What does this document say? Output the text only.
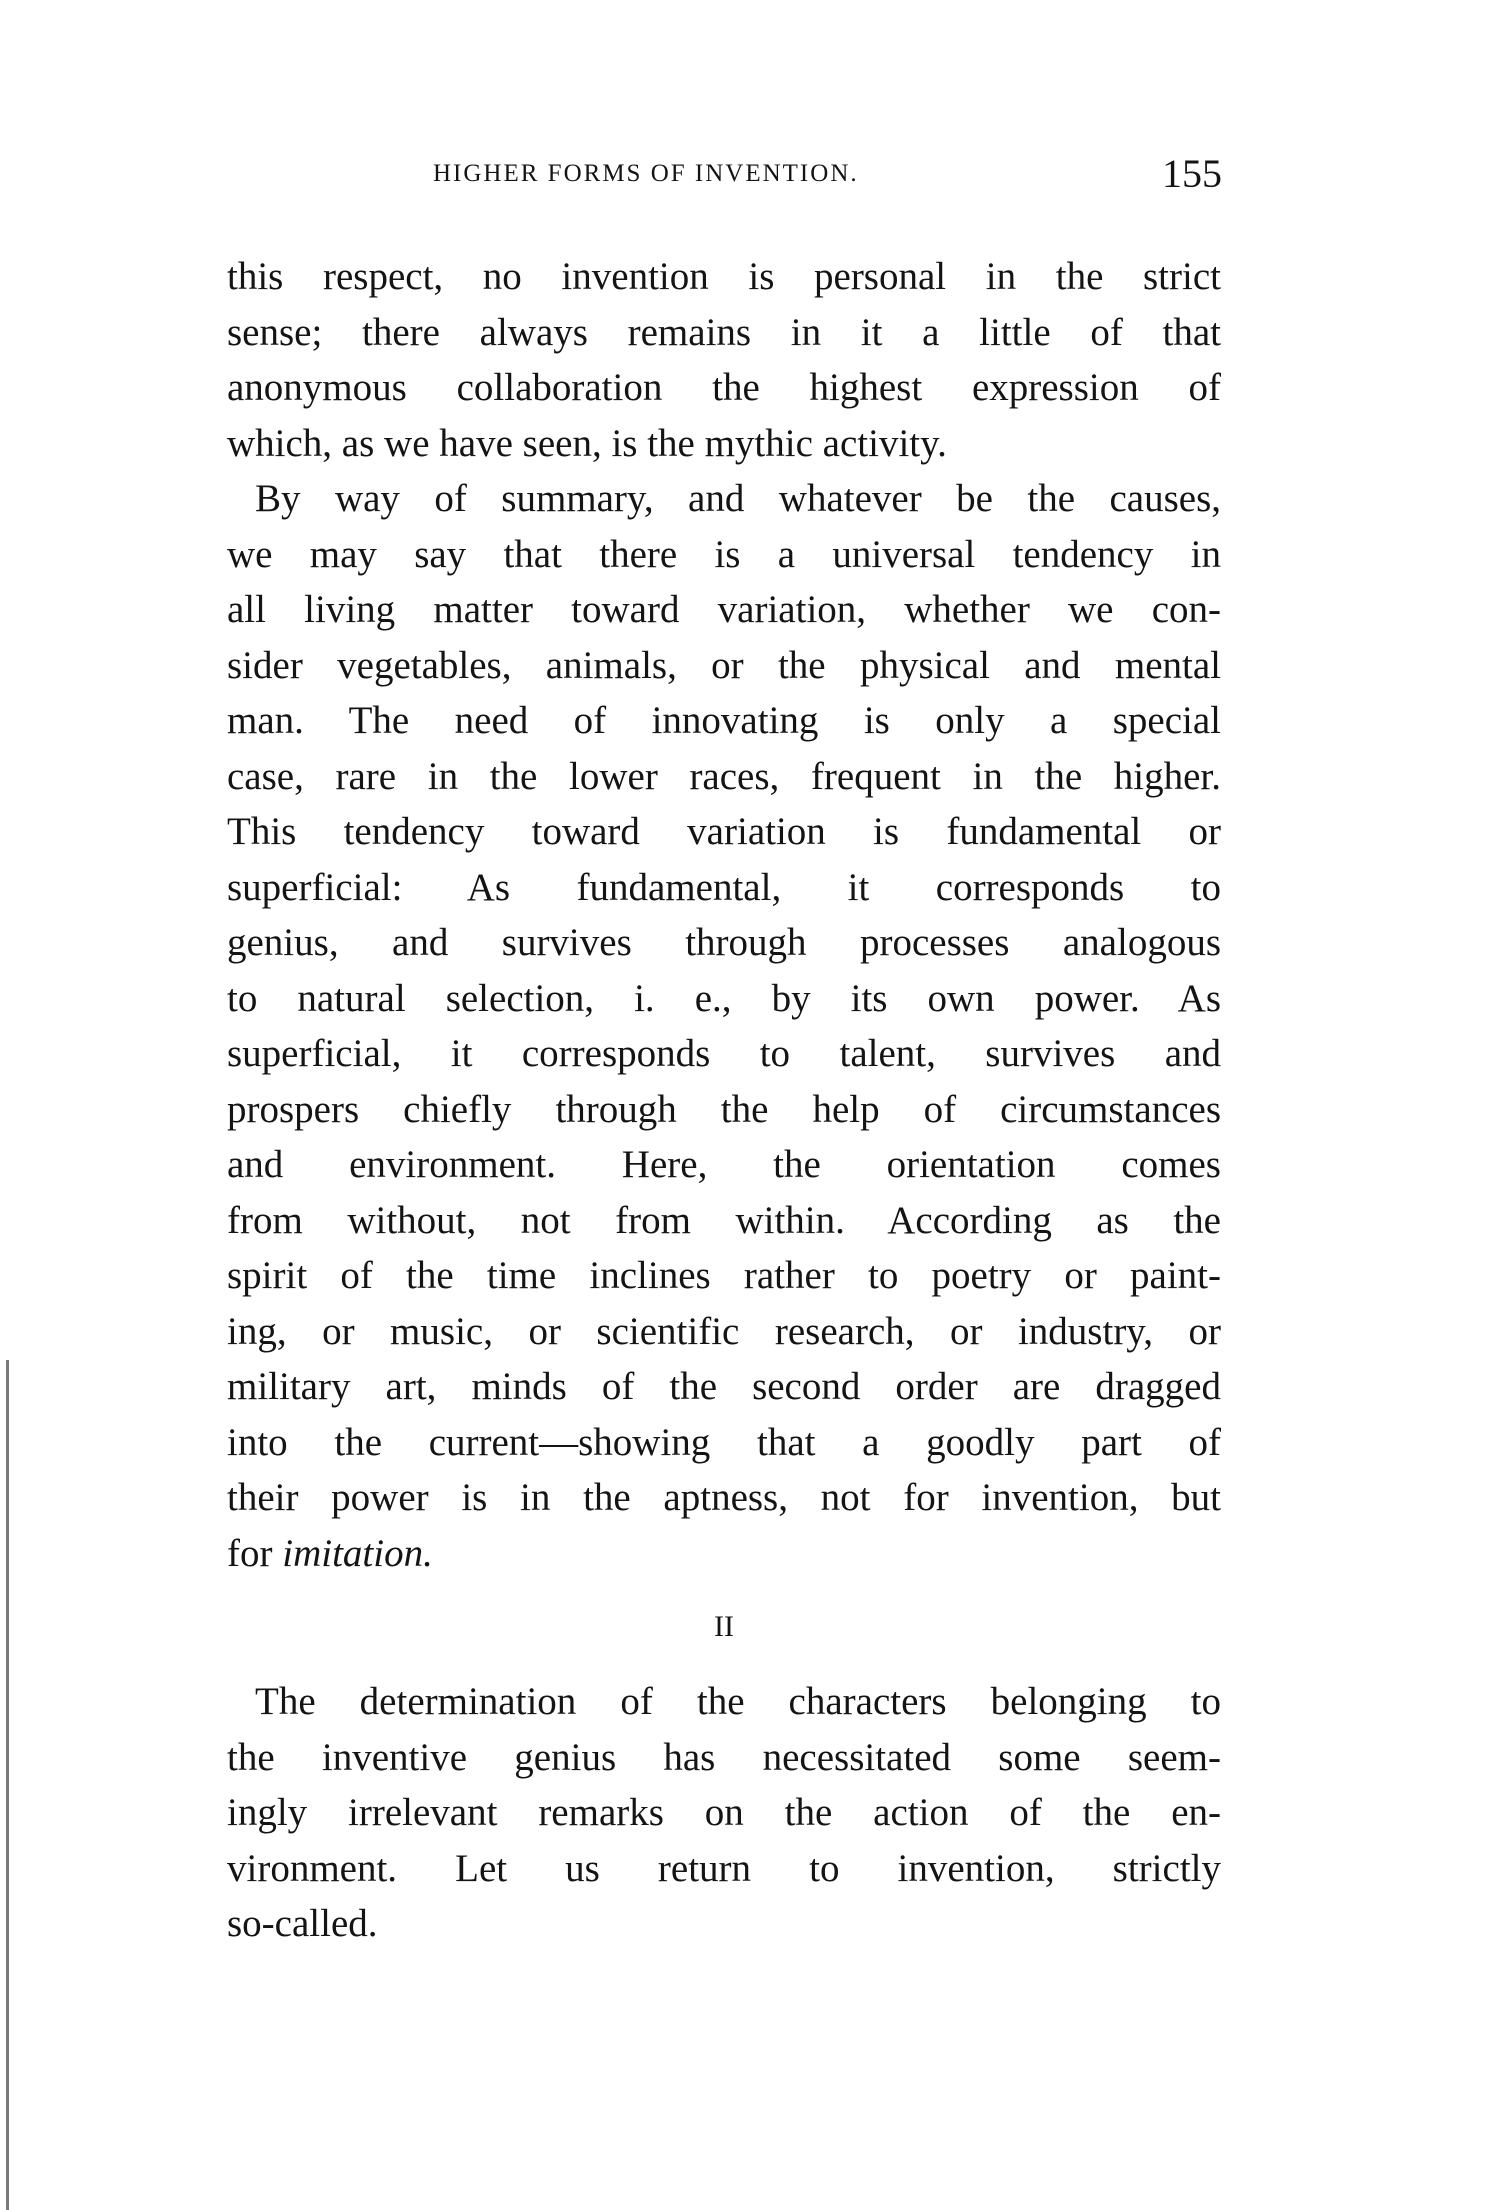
HIGHER FORMS OF INVENTION.	155
this respect, no invention is personal in the strict
sense; there always remains in it a little of that
anonymous collaboration the highest expression of
which, as we have seen, is the mythic activity.
By way of summary, and whatever be the causes,
we may say that there is a universal tendency in
all living matter toward variation, whether we con-
sider vegetables, animals, or the physical and mental
man. The need of innovating is only a special
case, rare in the lower races, frequent in the higher.
This tendency toward variation is fundamental or
superficial: As fundamental, it corresponds to
genius, and survives through processes analogous
to natural selection, i. e., by its own power. As
superficial, it corresponds to talent, survives and
prospers chiefly through the help of circumstances
and environment. Here, the orientation comes
from without, not from within. According as the
spirit of the time inclines rather to poetry or paint-
ing, or music, or scientific research, or industry, or
military art, minds of the second order are dragged
into the current—showing that a goodly part of
their power is in the aptness, not for invention, but
for imitation.
II
The determination of the characters belonging to
the inventive genius has necessitated some seem-
ingly irrelevant remarks on the action of the en-
vironment. Let us return to invention, strictly
so-called.
